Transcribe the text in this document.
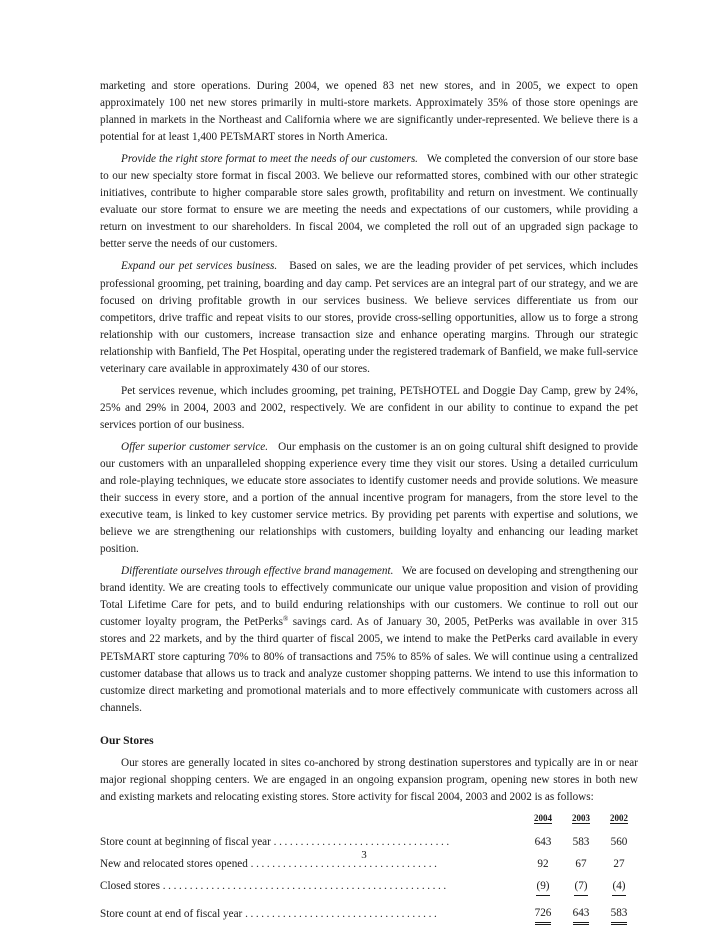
marketing and store operations. During 2004, we opened 83 net new stores, and in 2005, we expect to open approximately 100 net new stores primarily in multi-store markets. Approximately 35% of those store openings are planned in markets in the Northeast and California where we are significantly under-represented. We believe there is a potential for at least 1,400 PETsMART stores in North America.

Provide the right store format to meet the needs of our customers. We completed the conversion of our store base to our new specialty store format in fiscal 2003. We believe our reformatted stores, combined with our other strategic initiatives, contribute to higher comparable store sales growth, profitability and return on investment. We continually evaluate our store format to ensure we are meeting the needs and expectations of our customers, while providing a return on investment to our shareholders. In fiscal 2004, we completed the roll out of an upgraded sign package to better serve the needs of our customers.

Expand our pet services business. Based on sales, we are the leading provider of pet services, which includes professional grooming, pet training, boarding and day camp. Pet services are an integral part of our strategy, and we are focused on driving profitable growth in our services business. We believe services differentiate us from our competitors, drive traffic and repeat visits to our stores, provide cross-selling opportunities, allow us to forge a strong relationship with our customers, increase transaction size and enhance operating margins. Through our strategic relationship with Banfield, The Pet Hospital, operating under the registered trademark of Banfield, we make full-service veterinary care available in approximately 430 of our stores.

Pet services revenue, which includes grooming, pet training, PETsHOTEL and Doggie Day Camp, grew by 24%, 25% and 29% in 2004, 2003 and 2002, respectively. We are confident in our ability to continue to expand the pet services portion of our business.

Offer superior customer service. Our emphasis on the customer is an on going cultural shift designed to provide our customers with an unparalleled shopping experience every time they visit our stores. Using a detailed curriculum and role-playing techniques, we educate store associates to identify customer needs and provide solutions. We measure their success in every store, and a portion of the annual incentive program for managers, from the store level to the executive team, is linked to key customer service metrics. By providing pet parents with expertise and solutions, we believe we are strengthening our relationships with customers, building loyalty and enhancing our leading market position.

Differentiate ourselves through effective brand management. We are focused on developing and strengthening our brand identity. We are creating tools to effectively communicate our unique value proposition and vision of providing Total Lifetime Care for pets, and to build enduring relationships with our customers. We continue to roll out our customer loyalty program, the PetPerks® savings card. As of January 30, 2005, PetPerks was available in over 315 stores and 22 markets, and by the third quarter of fiscal 2005, we intend to make the PetPerks card available in every PETsMART store capturing 70% to 80% of transactions and 75% to 85% of sales. We will continue using a centralized customer database that allows us to track and analyze customer shopping patterns. We intend to use this information to customize direct marketing and promotional materials and to more effectively communicate with customers across all channels.

Our Stores

Our stores are generally located in sites co-anchored by strong destination superstores and typically are in or near major regional shopping centers. We are engaged in an ongoing expansion program, opening new stores in both new and existing markets and relocating existing stores. Store activity for fiscal 2004, 2003 and 2002 is as follows:

	2004	2003	2002
Store count at beginning of fiscal year .................................	643	583	560
New and relocated stores opened ...................................	92	67	27
Closed stores .....................................................	(9)	(7)	(4)
Store count at end of fiscal year ....................................	726	643	583
3
